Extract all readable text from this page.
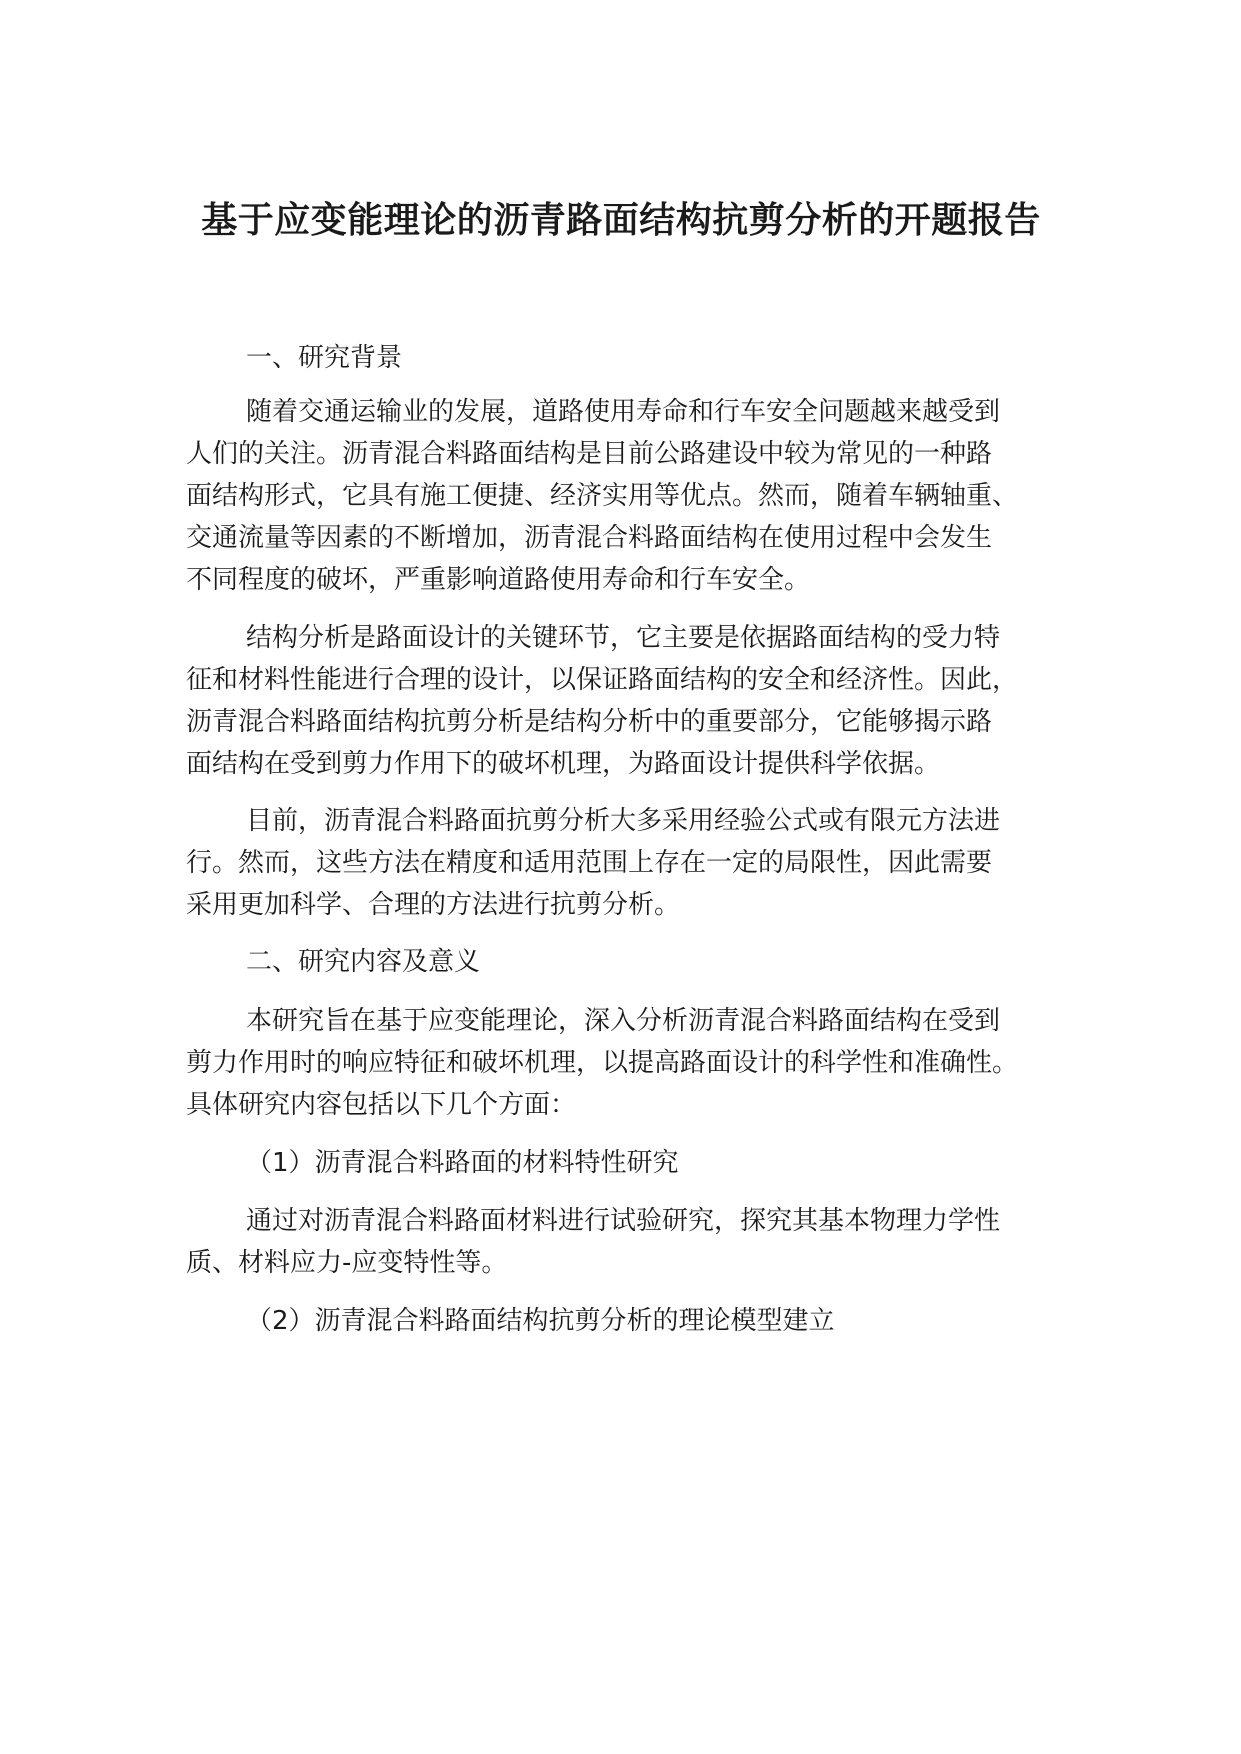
基于应变能理论的沥青路面结构抗剪分析的开题报告

一、研究背景

随着交通运输业的发展，道路使用寿命和行车安全问题越来越受到

人们的关注。沥青混合料路面结构是目前公路建设中较为常见的一种路

面结构形式，它具有施工便捷、经济实用等优点。然而，随着车辆轴重、

交通流量等因素的不断增加，沥青混合料路面结构在使用过程中会发生

不同程度的破坏，严重影响道路使用寿命和行车安全。

结构分析是路面设计的关键环节，它主要是依据路面结构的受力特

征和材料性能进行合理的设计，以保证路面结构的安全和经济性。因此，

沥青混合料路面结构抗剪分析是结构分析中的重要部分，它能够揭示路

面结构在受到剪力作用下的破坏机理，为路面设计提供科学依据。

目前，沥青混合料路面抗剪分析大多采用经验公式或有限元方法进

行。然而，这些方法在精度和适用范围上存在一定的局限性，因此需要

采用更加科学、合理的方法进行抗剪分析。

二、研究内容及意义

本研究旨在基于应变能理论，深入分析沥青混合料路面结构在受到

剪力作用时的响应特征和破坏机理，以提高路面设计的科学性和准确性。

具体研究内容包括以下几个方面：

（1）沥青混合料路面的材料特性研究

通过对沥青混合料路面材料进行试验研究，探究其基本物理力学性

质、材料应力-应变特性等。

（2）沥青混合料路面结构抗剪分析的理论模型建立
